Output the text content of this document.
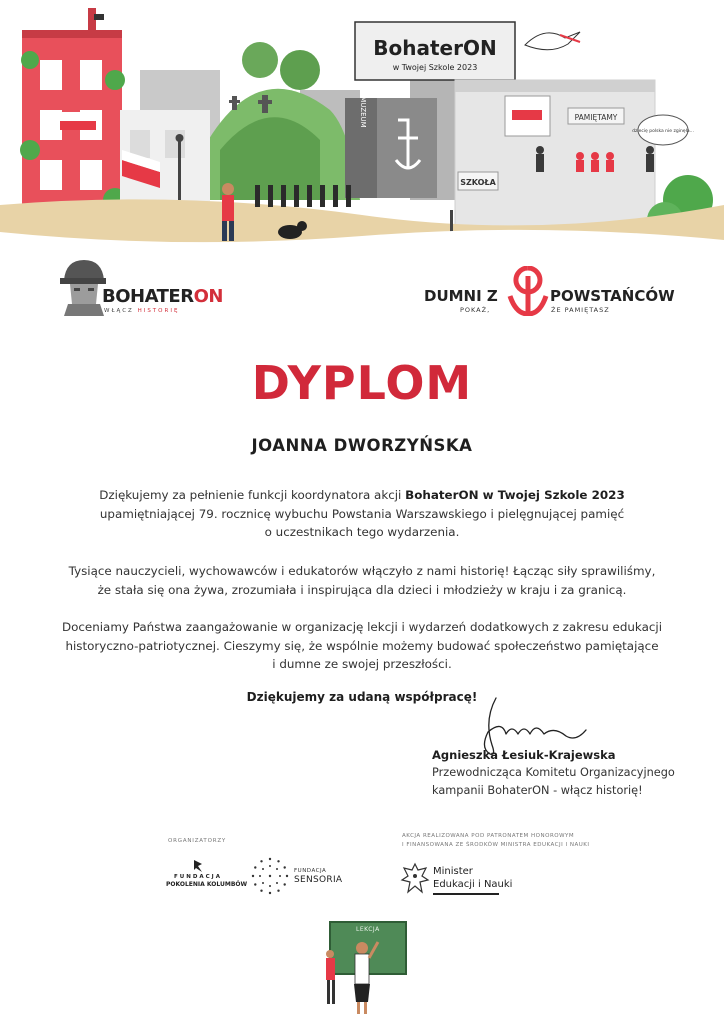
BohaterON
w Twojej Szkole 2023
MUZEUM	PAMIĘTAMY
dziecię polska nie zginęła...
SZKOŁA
BOHATERON
WŁĄCZ HISTORIĘ
DUMNI Z	POWSTAŃCÓW
POKAŻ,	ŻE PAMIĘTASZ
DYPLOM
JOANNA DWORZYŃSKA
Dziękujemy za pełnienie funkcji koordynatora akcji BohaterON w Twojej Szkole 2023
upamiętniającej 79. rocznicę wybuchu Powstania Warszawskiego i pielęgnującej pamięć
o uczestnikach tego wydarzenia.
Tysiące nauczycieli, wychowawców i edukatorów włączyło z nami historię! Łącząc siły sprawiliśmy,
że stała się ona żywa, zrozumiała i inspirująca dla dzieci i młodzieży w kraju i za granicą.
Doceniamy Państwa zaangażowanie w organizację lekcji i wydarzeń dodatkowych z zakresu edukacji
historyczno-patriotycznej. Cieszymy się, że wspólnie możemy budować społeczeństwo pamiętające
i dumne ze swojej przeszłości.
Dziękujemy za udaną współpracę!
Agnieszka Łesiuk-Krajewska
Przewodnicząca Komitetu Organizacyjnego
kampanii BohaterON - włącz historię!
ORGANIZATORZY
AKCJA REALIZOWANA POD PATRONATEM HONOROWYM
I FINANSOWANA ZE ŚRODKÓW MINISTRA EDUKACJI I NAUKI
FUNDACJA
POKOLENIA KOLUMBÓW
FUNDACJA
SENSORIA
Minister
Edukacji i Nauki
LEKCJA
